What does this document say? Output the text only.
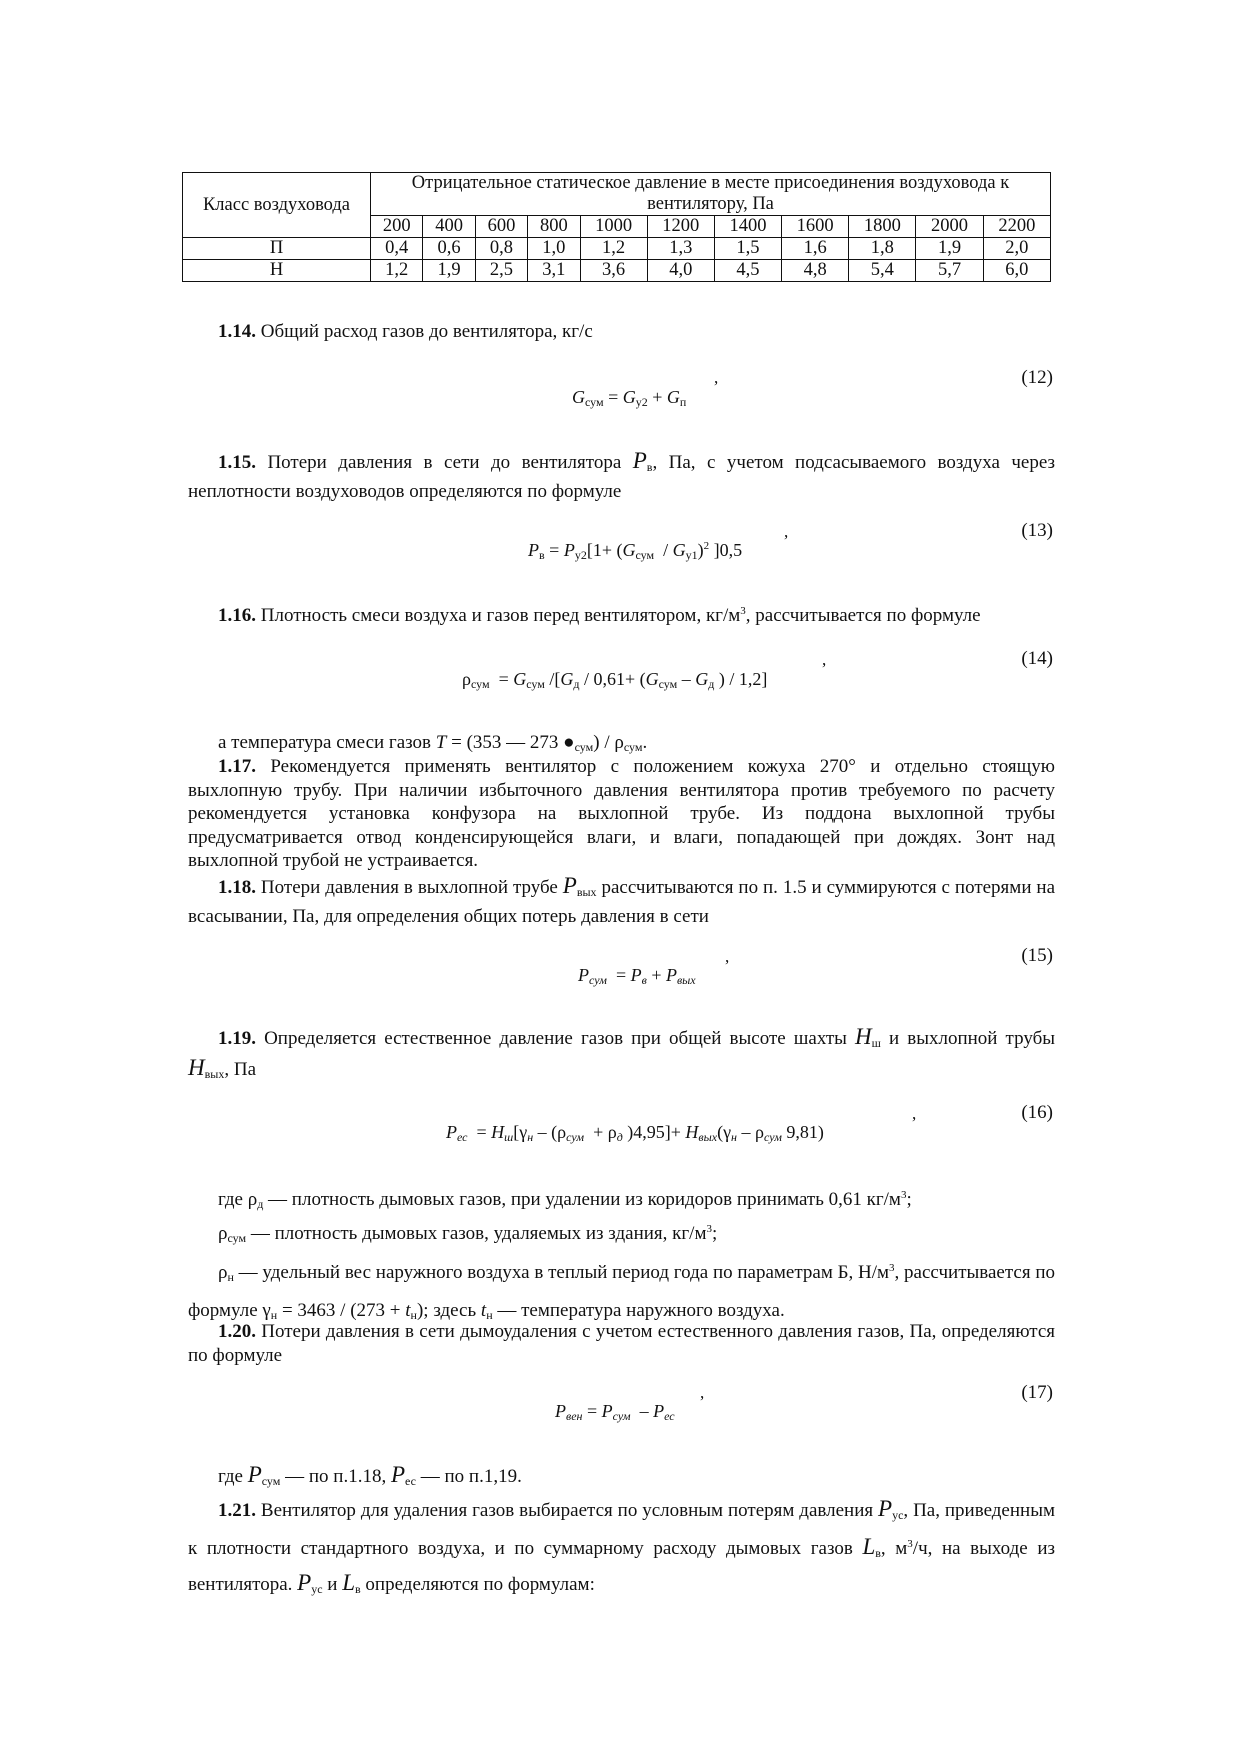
Класс воздуховода	Отрицательное статическое давление в месте присоединения воздуховода к вентилятору, Па										
	200	400	600	800	1000	1200	1400	1600	1800	2000	2200
П	0,4	0,6	0,8	1,0	1,2	1,3	1,5	1,6	1,8	1,9	2,0
Н	1,2	1,9	2,5	3,1	3,6	4,0	4,5	4,8	5,4	5,7	6,0
1.14. Общий расход газов до вентилятора, кг/с
$G_{сум} = G_{у2} + G_п$
,	(12)
1.15. Потери давления в сети до вентилятора $P_в$, Па, с учетом подсасываемого воздуха через неплотности воздуховодов определяются по формуле
$P_в = P_{у2}[1+ (G_{сум} / G_{у1})^2$ ]0,5
,	(13)
1.16. Плотность смеси воздуха и газов перед вентилятором, $кг/м^3$, рассчитывается по формуле
$\rho_{сум} = G_{сум}$ $/[G_д / 0,61+ (G_{сум} - G_д$ ) / 1,2]
,	(14)
а температура смеси газов T = (353 — 273 $●_{сум}) / \rho_{сум}$.
1.17. Рекомендуется применять вентилятор с положением кожуха 270° и отдельно стоящую выхлопную трубу. При наличии избыточного давления вентилятора против требуемого по расчету рекомендуется установка конфузора на выхлопной трубе. Из поддона выхлопной трубы предусматривается отвод конденсирующейся влаги, и влаги, попадающей при дождях. Зонт над выхлопной трубой не устраивается.
1.18. Потери давления в выхлопной трубе $P_{вых}$ рассчитываются по п. 1.5 и суммируются с потерями на всасывании, Па, для определения общих потерь давления в сети
$P_{сум} = P_в + P_{вых}$
,	(15)
1.19. Определяется естественное давление газов при общей высоте шахты $H_ш$ и выхлопной трубы $H_{вых}$, Па
$P_{ес} = H_ш[\gamma_н - (\rho_{сум} + \rho_д$ )$4,95]+ H_{вых}(\gamma_н - \rho_{сум}$ 9,81)
,	(16)
где $\rho_д$ — плотность дымовых газов, при удалении из коридоров принимать 0,61 $кг/м^3$;
$\rho_{сум}$ — плотность дымовых газов, удаляемых из здания, $кг/м^3$;
$\rho_н$ — удельный вес наружного воздуха в теплый период года по параметрам Б, $Н/м^3$, рассчитывается по формуле $\gamma_н = 3463 / (273 + t_н)$; здесь $t_н$ — температура наружного воздуха.
1.20. Потери давления в сети дымоудаления с учетом естественного давления газов, Па, определяются по формуле
$P_{вен} = P_{сум} - P_{ес}$
,	(17)
где $P_{сум}$ — по п.1.18, $P_{ес}$ — по п.1,19.
1.21. Вентилятор для удаления газов выбирается по условным потерям давления $P_{ус}$, Па, приведенным к плотности стандартного воздуха, и по суммарному расходу дымовых газов $L_в$, $м^3/ч$, на выходе из вентилятора. $P_{ус}$ и $L_в$ определяются по формулам:
